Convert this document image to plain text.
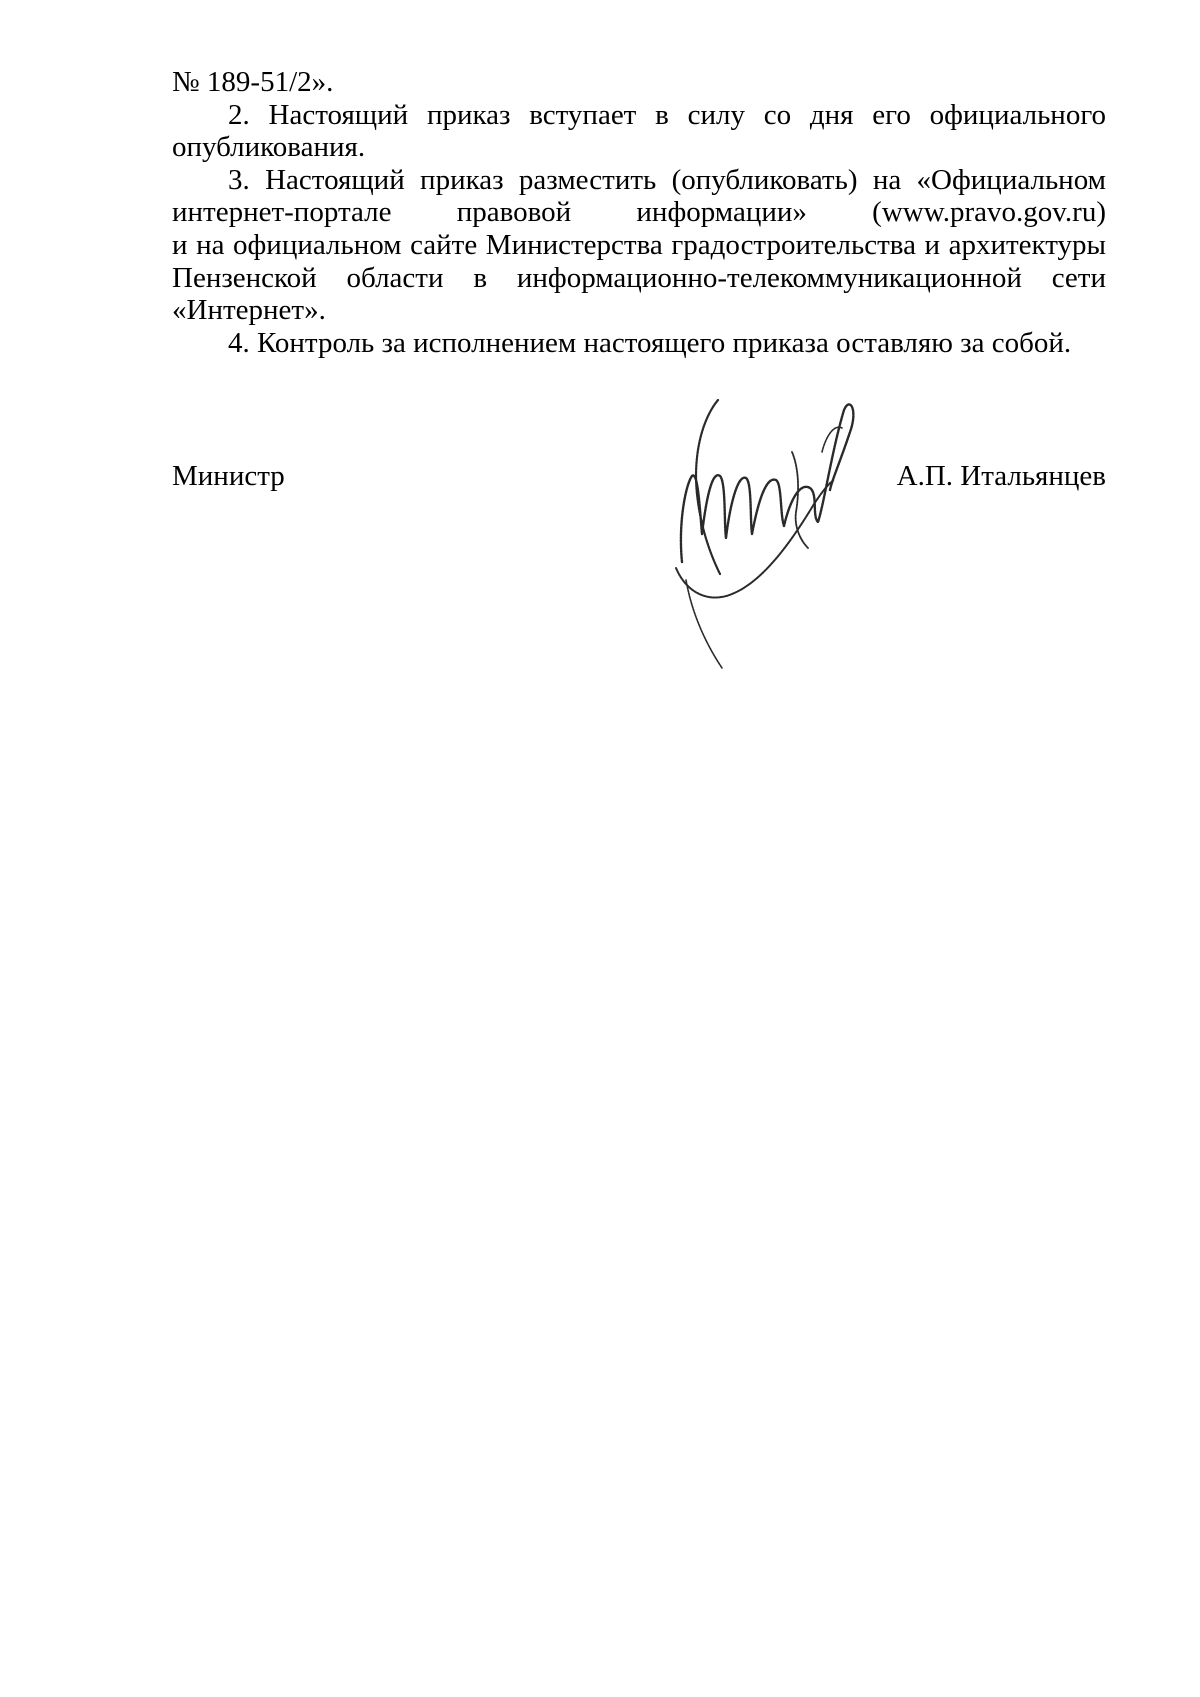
№ 189-51/2».

2. Настоящий приказ вступает в силу со дня его официального опубликования.

3. Настоящий приказ разместить (опубликовать) на «Официальном интернет-портале правовой информации» (www.pravo.gov.ru)

и на официальном сайте Министерства градостроительства и архитектуры Пензенской области в информационно-телекоммуникационной сети «Интернет».

4. Контроль за исполнением настоящего приказа оставляю за собой.

Министр	А.П. Итальянцев
